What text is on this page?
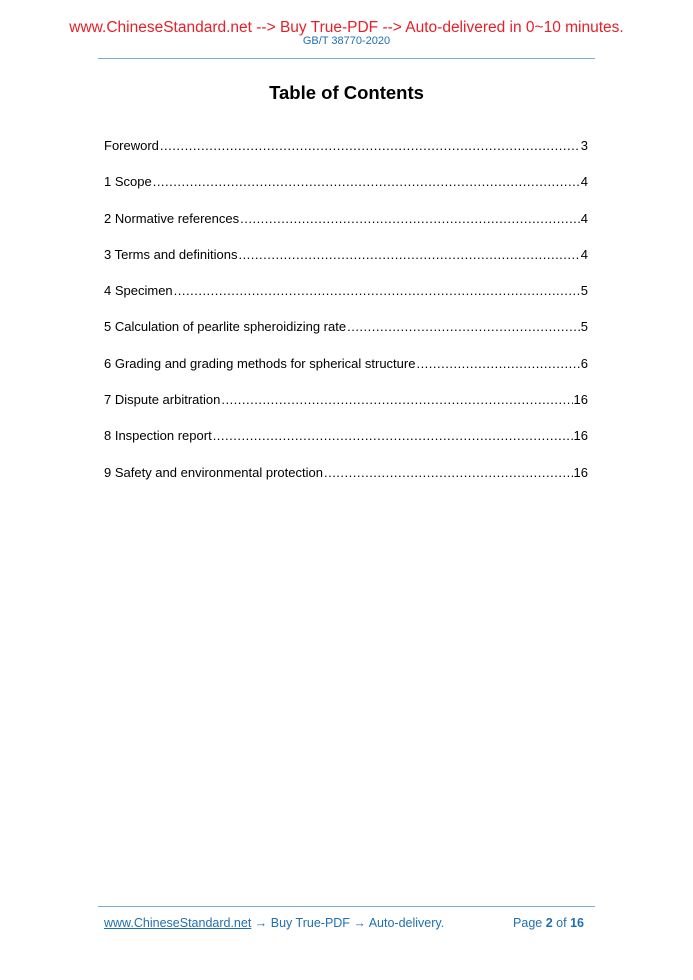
www.ChineseStandard.net --> Buy True-PDF --> Auto-delivered in 0~10 minutes.
GB/T 38770-2020
Table of Contents
Foreword .....	3
1 Scope .....	4
2 Normative references .....	4
3 Terms and definitions .....	4
4 Specimen .....	5
5 Calculation of pearlite spheroidizing rate .....	5
6 Grading and grading methods for spherical structure .....	6
7 Dispute arbitration .....	16
8 Inspection report .....	16
9 Safety and environmental protection .....	16
www.ChineseStandard.net → Buy True-PDF → Auto-delivery.	Page 2 of 16
